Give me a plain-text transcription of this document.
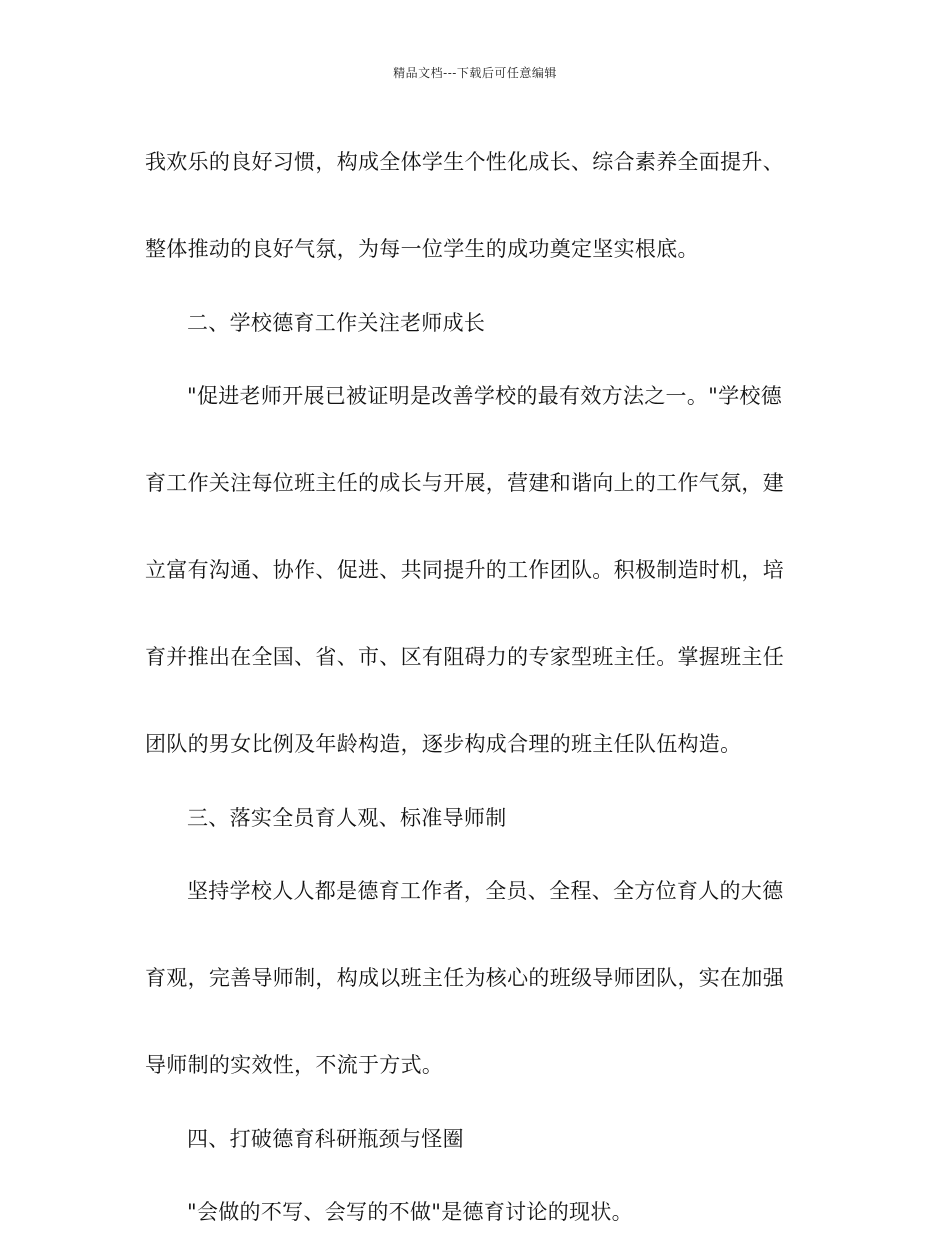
精品文档---下载后可任意编辑
我欢乐的良好习惯，构成全体学生个性化成长、综合素养全面提升、
整体推动的良好气氛，为每一位学生的成功奠定坚实根底。
二、学校德育工作关注老师成长
"促进老师开展已被证明是改善学校的最有效方法之一。"学校德
育工作关注每位班主任的成长与开展，营建和谐向上的工作气氛，建
立富有沟通、协作、促进、共同提升的工作团队。积极制造时机，培
育并推出在全国、省、市、区有阻碍力的专家型班主任。掌握班主任
团队的男女比例及年龄构造，逐步构成合理的班主任队伍构造。
三、落实全员育人观、标准导师制
坚持学校人人都是德育工作者，全员、全程、全方位育人的大德
育观，完善导师制，构成以班主任为核心的班级导师团队，实在加强
导师制的实效性，不流于方式。
四、打破德育科研瓶颈与怪圈
"会做的不写、会写的不做"是德育讨论的现状。
